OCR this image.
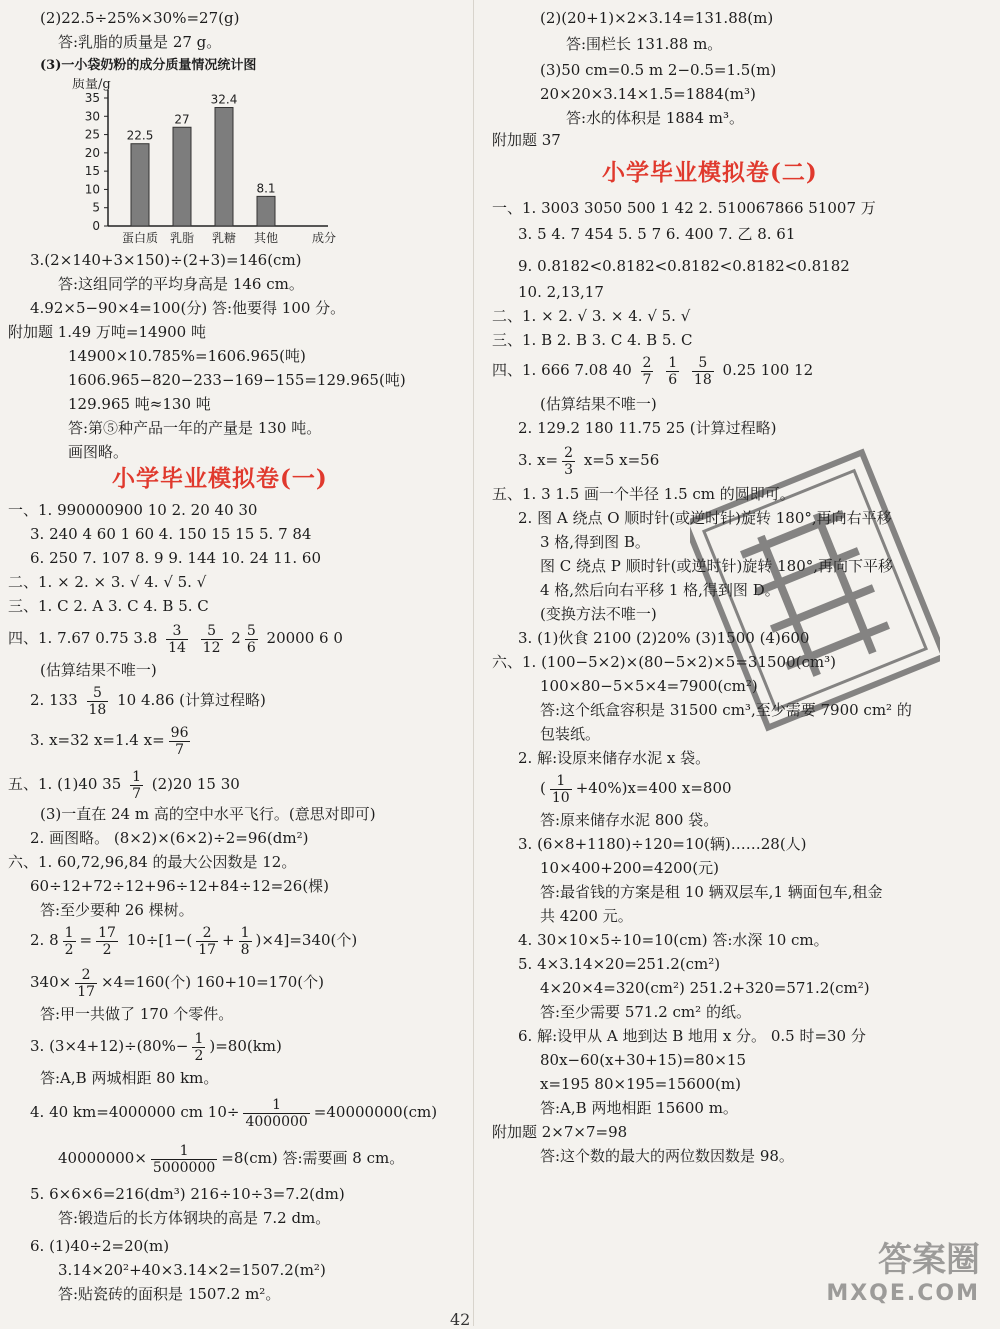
(2)22.5÷25%×30%=27(g)
答:乳脂的质量是 27 g。
(3)一小袋奶粉的成分质量情况统计图
质量/g
0
5
10
15
20
25
30
35
22.5
蛋白质
27
乳脂
32.4
乳糖
8.1
其他	成分
3.(2×140+3×150)÷(2+3)=146(cm)
答:这组同学的平均身高是 146 cm。
4.92×5−90×4=100(分) 答:他要得 100 分。
附加题 1.49 万吨=14900 吨
14900×10.785%=1606.965(吨)
1606.965−820−233−169−155=129.965(吨)
129.965 吨≈130 吨
答:第⑤种产品一年的产量是 130 吨。
画图略。
小学毕业模拟卷(一)
一、1. 990000900 10 2. 20 40 30
3. 240 4 60 1 60 4. 150 15 15 5. 7 84
6. 250 7. 107 8. 9 9. 144 10. 24 11. 60
二、1. × 2. × 3. √ 4. √ 5. √
三、1. C 2. A 3. C 4. B 5. C
四、1. 7.67 0.75 $3.8 \frac{3}{14}$
$\frac{5}{12} 2 \frac{5}{6} 20000$ 6 0
(估算结果不唯一)
2. $133 \frac{5}{18} 10$ 4.86 (计算过程略)
3. x=32 x=1.4 $x= \frac{96}{7}$
五、1. (1)40 $35 \frac{1}{7} (2)20$ 15 30
(3)一直在 24 m 高的空中水平飞行。(意思对即可)
2. 画图略。 (8×2)×(6×2)÷2=96(dm²)
六、1. 60,72,96,84 的最大公因数是 12。
60÷12+72÷12+96÷12+84÷12=26(棵)
答:至少要种 26 棵树。
2. $8 \frac{1}{2} = \frac{17}{2} 10\div[1-( \frac{2}{17} + \frac{1}{8} )\times 4]=340$(个)
$340\times \frac{2}{17} \times 4=160$(个) 160+10=170(个)
答:甲一共做了 170 个零件。
3. $(3\times 4+12)\div(80\%- \frac{1}{2} )=80(km)$
答:A,B 两城相距 80 km。
4. 40 km=4000000 cm $10\div \frac{1}{4000000} =40000000(cm)$
$40000000\times \frac{1}{5000000} =8(cm)$ 答:需要画 8 cm。
5. 6×6×6=216(dm³) 216÷10÷3=7.2(dm)
答:锻造后的长方体钢块的高是 7.2 dm。
6. (1)40÷2=20(m)
3.14×20²+40×3.14×2=1507.2(m²)
答:贴瓷砖的面积是 1507.2 m²。
(2)(20+1)×2×3.14=131.88(m)
答:围栏长 131.88 m。
(3)50 cm=0.5 m 2−0.5=1.5(m)
20×20×3.14×1.5=1884(m³)
答:水的体积是 1884 m³。
附加题 37
小学毕业模拟卷(二)
一、1. 3003 3050 500 1 42 2. 510067866 51007 万
3. 5 4. 7 454 5. 5 7 6. 400 7. 乙 8. 61
9. 0.8182<0.8182<0.8182<0.8182<0.8182
10. 2,13,17
二、1. × 2. √ 3. × 4. √ 5. √
三、1. B 2. B 3. C 4. B 5. C
四、1. 666 7.08 $40 \frac{2}{7}$
$\frac{1}{6}$
$\frac{5}{18} 0.25$ 100 12
(估算结果不唯一)
2. 129.2 180 11.75 25 (计算过程略)
3. $x= \frac{2}{3} x=5$ x=56
五、1. 3 1.5 画一个半径 1.5 cm 的圆即可。
2. 图 A 绕点 O 顺时针(或逆时针)旋转 180°,再向右平移
3 格,得到图 B。
图 C 绕点 P 顺时针(或逆时针)旋转 180°,再向下平移
4 格,然后向右平移 1 格,得到图 D。
(变换方法不唯一)
3. (1)伙食 2100 (2)20% (3)1500 (4)600
六、1. (100−5×2)×(80−5×2)×5=31500(cm³)
100×80−5×5×4=7900(cm²)
答:这个纸盒容积是 31500 cm³,至少需要 7900 cm² 的
包装纸。
2. 解:设原来储存水泥 x 袋。
( $\frac{1}{10} +40\%)x=400$ x=800
答:原来储存水泥 800 袋。
3. (6×8+1180)÷120=10(辆)……28(人)
10×400+200=4200(元)
答:最省钱的方案是租 10 辆双层车,1 辆面包车,租金
共 4200 元。
4. 30×10×5÷10=10(cm) 答:水深 10 cm。
5. 4×3.14×20=251.2(cm²)
4×20×4=320(cm²) 251.2+320=571.2(cm²)
答:至少需要 571.2 cm² 的纸。
6. 解:设甲从 A 地到达 B 地用 x 分。 0.5 时=30 分
80x−60(x+30+15)=80×15
x=195 80×195=15600(m)
答:A,B 两地相距 15600 m。
附加题 2×7×7=98
答:这个数的最大的两位数因数是 98。
答案圈
MXQE.COM
42
